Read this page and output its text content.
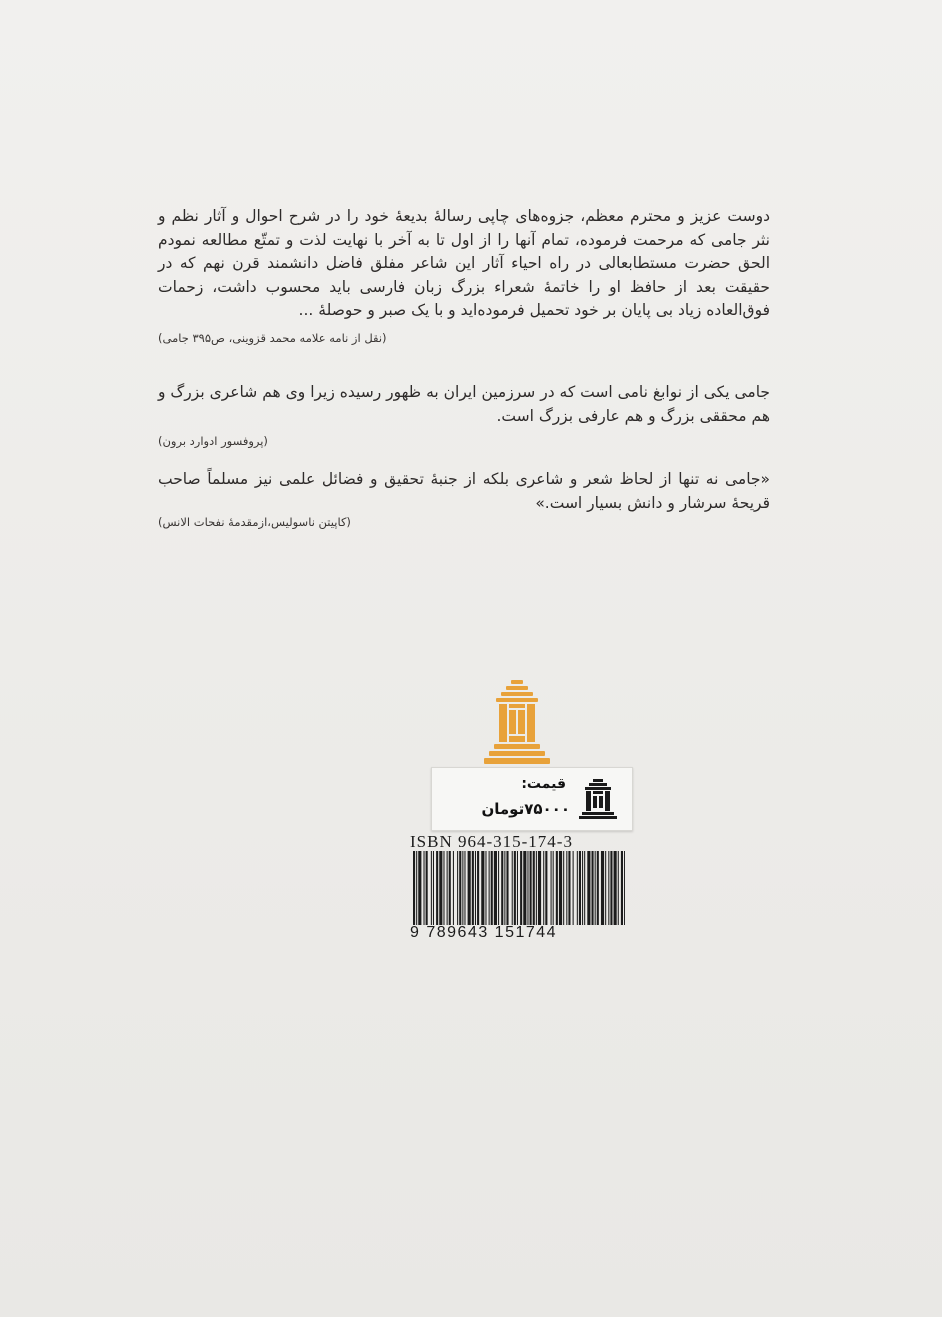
دوست عزیز و محترم معظم، جزوه‌های چاپی رسالهٔ بدیعهٔ خود را در شرح احوال و آثار نظم و نثر جامی که مرحمت فرموده، تمام آنها را از اول تا به آخر با نهایت لذت و تمتّع مطالعه نمودم الحق حضرت مستطابعالی در راه احیاء آثار این شاعر مفلق فاضل دانشمند قرن نهم که در حقیقت بعد از حافظ او را خاتمهٔ شعراء بزرگ زبان فارسی باید محسوب داشت، زحمات فوق‌العاده زیاد بی پایان بر خود تحمیل فرموده‌اید و با یک صبر و حوصلهٔ ...
(نقل از نامه علامه محمد قزوینی، ص۳۹۵ جامی)
جامی یکی از نوابغ نامی است که در سرزمین ایران به ظهور رسیده زیرا وی هم شاعری بزرگ و هم محققی بزرگ و هم عارفی بزرگ است.
(پروفسور ادوارد برون)
«جامی نه تنها از لحاظ شعر و شاعری بلکه از جنبهٔ تحقیق و فضائل علمی نیز مسلماً صاحب قریحهٔ سرشار و دانش بسیار است.»
(کاپیتن ناسولیس،ازمقدمهٔ نفحات الانس)
قیمت:
۷۵۰۰۰تومان
ISBN 964-315-174-3
9 789643 151744
